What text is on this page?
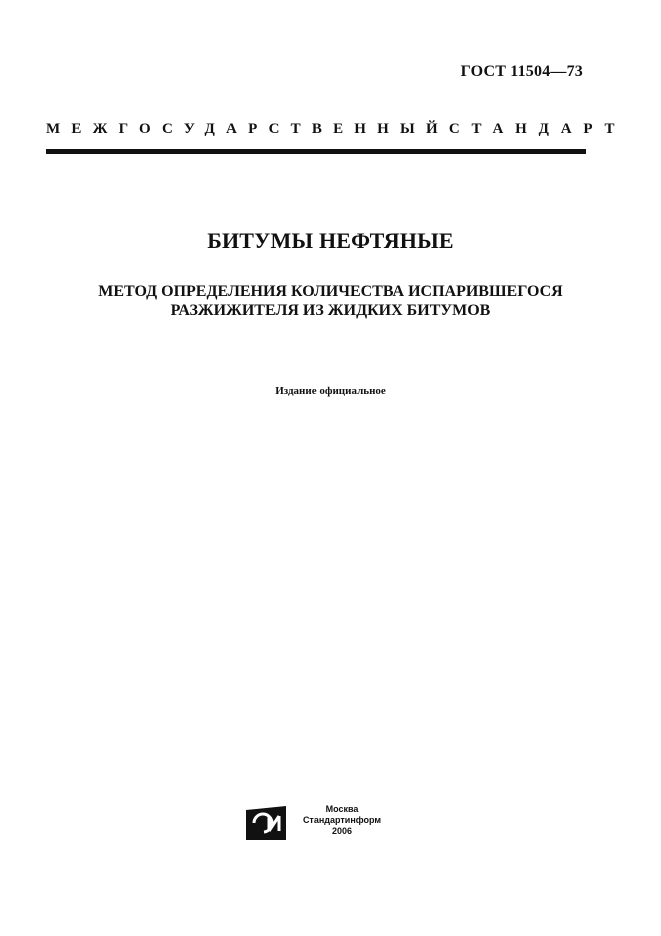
ГОСТ 11504—73
МЕЖГОСУДАРСТВЕННЫЙ СТАНДАРТ
БИТУМЫ НЕФТЯНЫЕ
МЕТОД ОПРЕДЕЛЕНИЯ КОЛИЧЕСТВА ИСПАРИВШЕГОСЯ
РАЗЖИЖИТЕЛЯ ИЗ ЖИДКИХ БИТУМОВ
Издание официальное
Москва
Стандартинформ
2006
